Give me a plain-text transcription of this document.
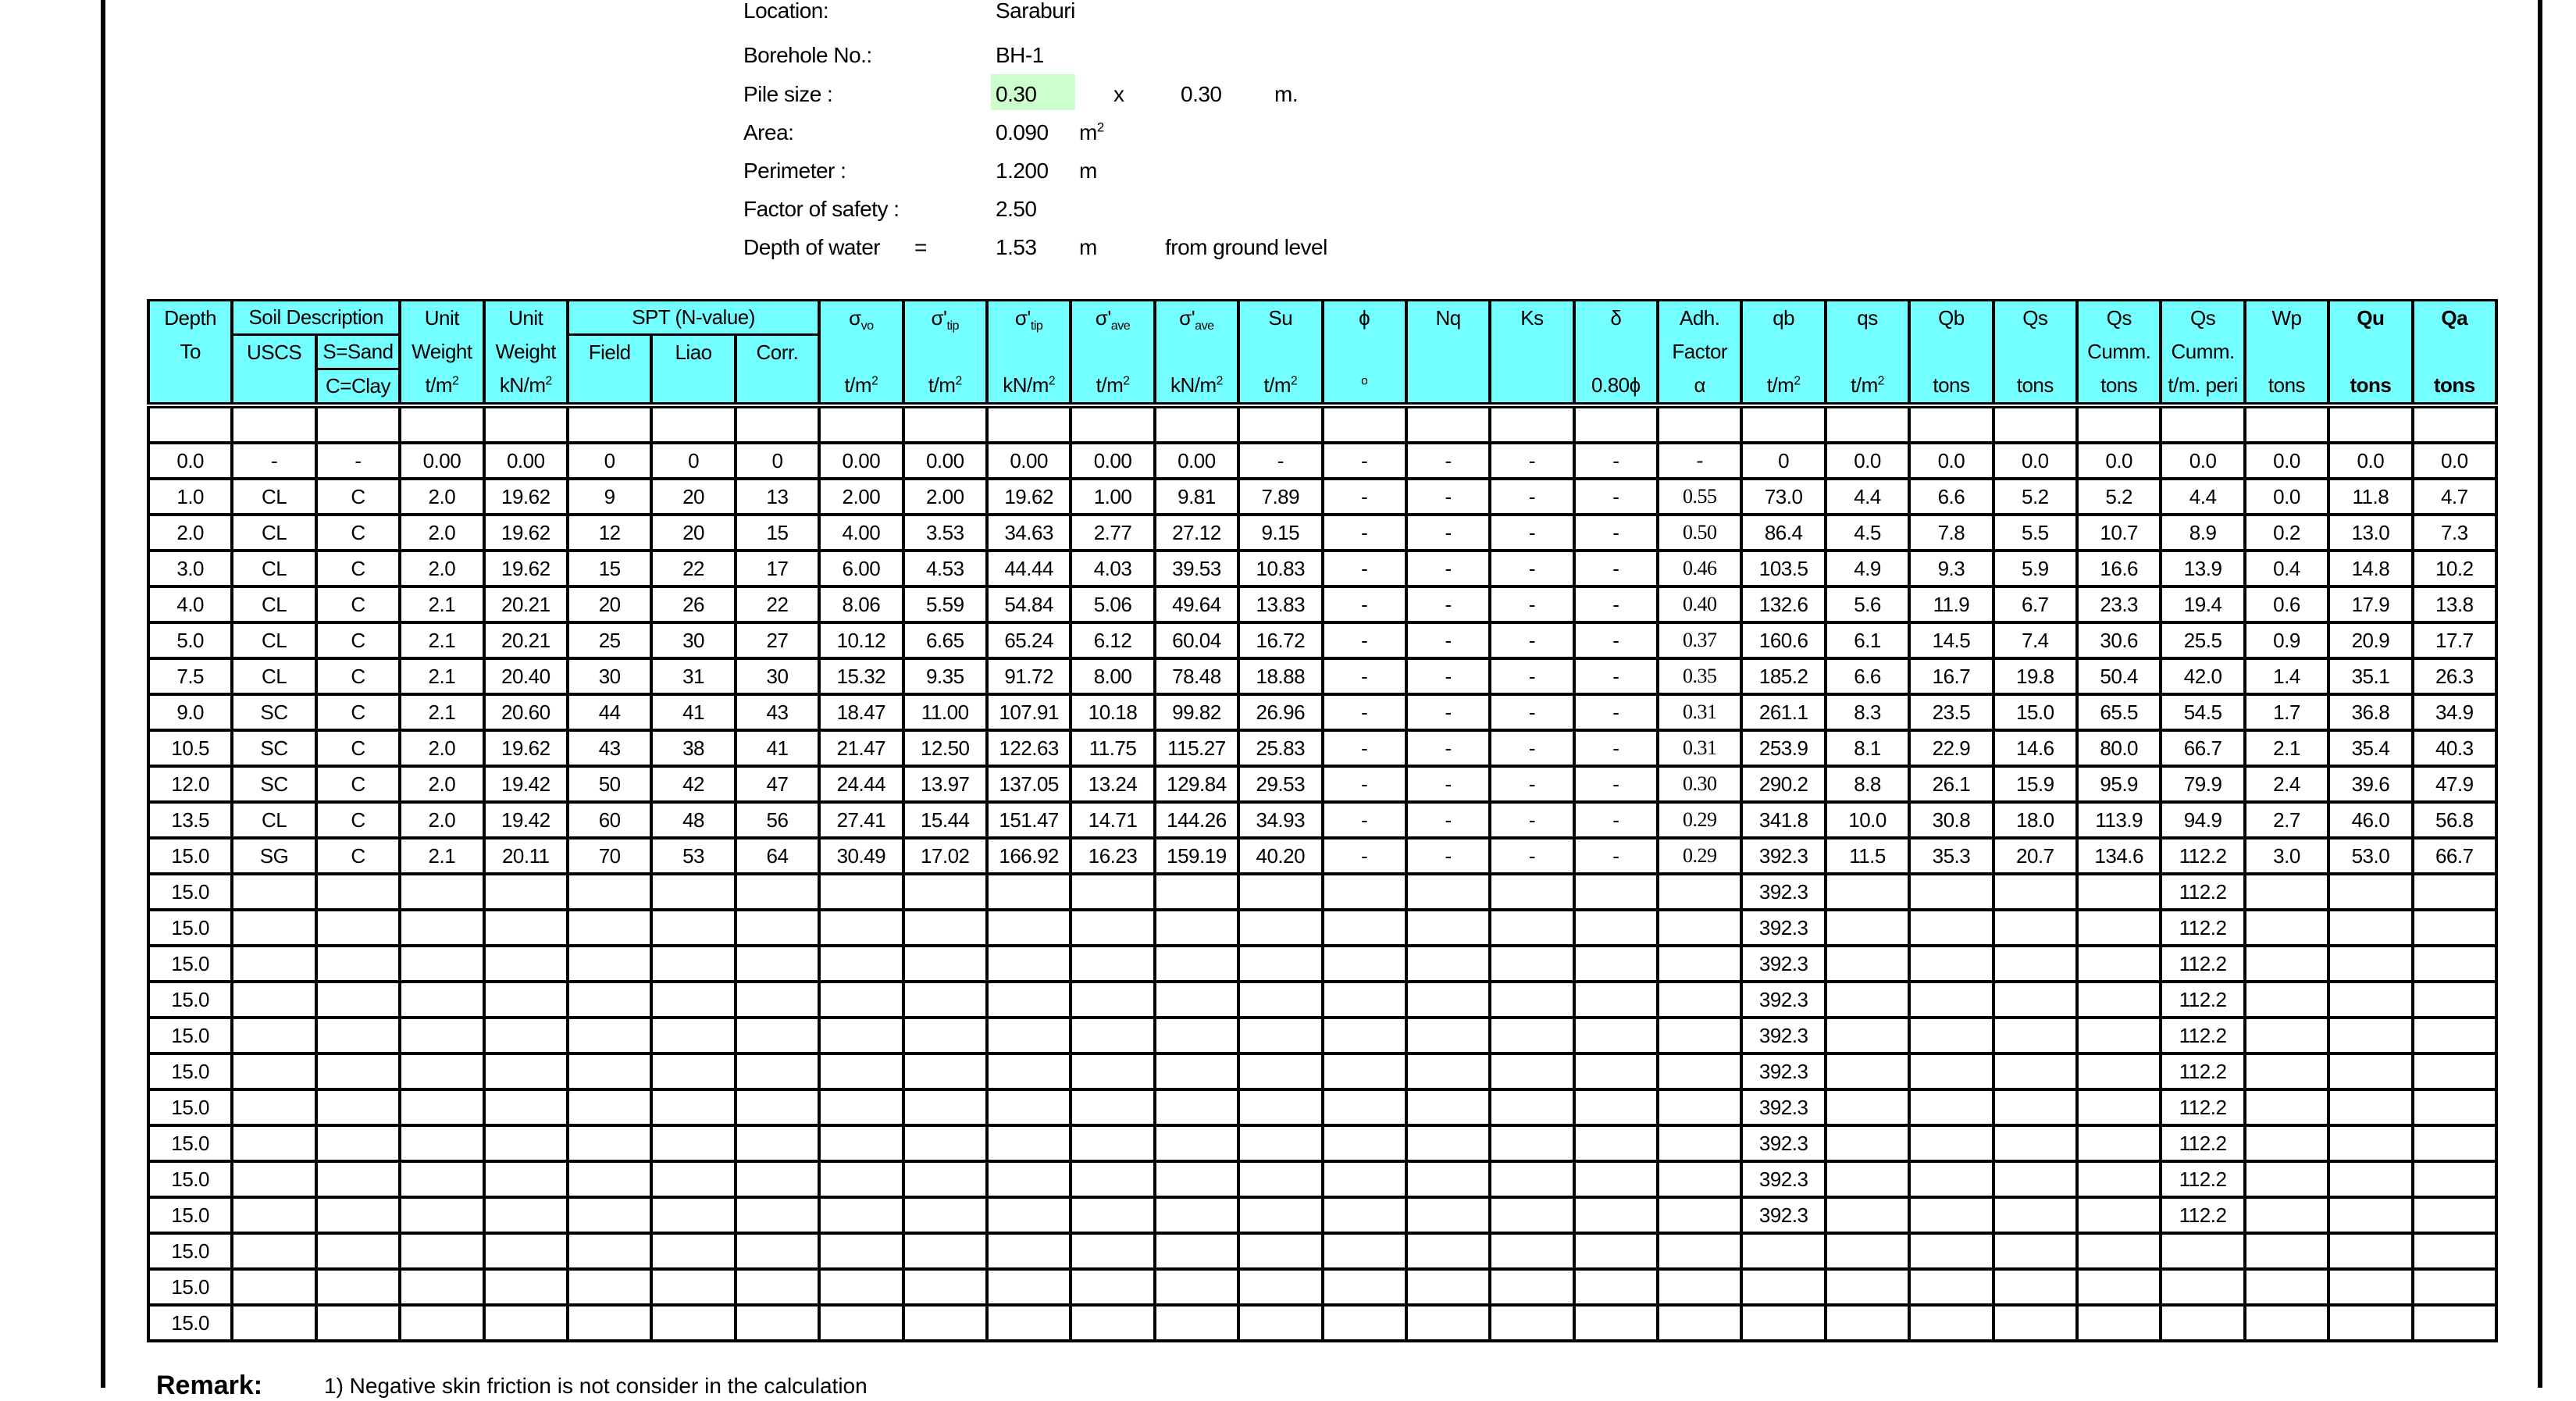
Location:	Saraburi
Borehole No.:	BH-1
Pile size :	0.30	x	0.30 m.
Area:	0.090 $m^2$
Perimeter :	1.200 m
Factor of safety :	2.50
Depth of water =	1.53 m	from ground level
Depth	Soil Description		Unit	Unit	SPT (N-value)			$\sigma_{vo}$	$\sigma'_{tip}$	$\sigma'_{tip}$	$\sigma'_{ave}$	$\sigma'_{ave}$	Su	ϕ	Nq	Ks	δ	Adh.	qb	qs	Qb	Qs	Qs	Qs	Wp	Qu	Qa
To	USCS	S=Sand	Weight	Weight	Field	Liao	Corr.											Factor					Cumm.	Cumm.			
		C=Clay	$t/m^2$	$kN/m^2$				$t/m^2$	$t/m^2$	$kN/m^2$	$t/m^2$	$kN/m^2$	$t/m^2$	$^o$			0.80ϕ	α	$t/m^2$	$t/m^2$	tons	tons	tons	t/m. peri	tons	tons	tons

0.0	-	-	0.00	0.00	0	0	0	0.00	0.00	0.00	0.00	0.00	-	-	-	-	-	-	0	0.0	0.0	0.0	0.0	0.0	0.0	0.0	0.0
1.0	CL	C	2.0	19.62	9	20	13	2.00	2.00	19.62	1.00	9.81	7.89	-	-	-	-	0.55	73.0	4.4	6.6	5.2	5.2	4.4	0.0	11.8	4.7
2.0	CL	C	2.0	19.62	12	20	15	4.00	3.53	34.63	2.77	27.12	9.15	-	-	-	-	0.50	86.4	4.5	7.8	5.5	10.7	8.9	0.2	13.0	7.3
3.0	CL	C	2.0	19.62	15	22	17	6.00	4.53	44.44	4.03	39.53	10.83	-	-	-	-	0.46	103.5	4.9	9.3	5.9	16.6	13.9	0.4	14.8	10.2
4.0	CL	C	2.1	20.21	20	26	22	8.06	5.59	54.84	5.06	49.64	13.83	-	-	-	-	0.40	132.6	5.6	11.9	6.7	23.3	19.4	0.6	17.9	13.8
5.0	CL	C	2.1	20.21	25	30	27	10.12	6.65	65.24	6.12	60.04	16.72	-	-	-	-	0.37	160.6	6.1	14.5	7.4	30.6	25.5	0.9	20.9	17.7
7.5	CL	C	2.1	20.40	30	31	30	15.32	9.35	91.72	8.00	78.48	18.88	-	-	-	-	0.35	185.2	6.6	16.7	19.8	50.4	42.0	1.4	35.1	26.3
9.0	SC	C	2.1	20.60	44	41	43	18.47	11.00	107.91	10.18	99.82	26.96	-	-	-	-	0.31	261.1	8.3	23.5	15.0	65.5	54.5	1.7	36.8	34.9
10.5	SC	C	2.0	19.62	43	38	41	21.47	12.50	122.63	11.75	115.27	25.83	-	-	-	-	0.31	253.9	8.1	22.9	14.6	80.0	66.7	2.1	35.4	40.3
12.0	SC	C	2.0	19.42	50	42	47	24.44	13.97	137.05	13.24	129.84	29.53	-	-	-	-	0.30	290.2	8.8	26.1	15.9	95.9	79.9	2.4	39.6	47.9
13.5	CL	C	2.0	19.42	60	48	56	27.41	15.44	151.47	14.71	144.26	34.93	-	-	-	-	0.29	341.8	10.0	30.8	18.0	113.9	94.9	2.7	46.0	56.8
15.0	SG	C	2.1	20.11	70	53	64	30.49	17.02	166.92	16.23	159.19	40.20	-	-	-	-	0.29	392.3	11.5	35.3	20.7	134.6	112.2	3.0	53.0	66.7
15.0																			392.3					112.2			
15.0																			392.3					112.2			
15.0																			392.3					112.2			
15.0																			392.3					112.2			
15.0																			392.3					112.2			
15.0																			392.3					112.2			
15.0																			392.3					112.2			
15.0																			392.3					112.2			
15.0																			392.3					112.2			
15.0																			392.3					112.2			
15.0																											
15.0																											
15.0																											
Remark:	1) Negative skin friction is not consider in the calculation
